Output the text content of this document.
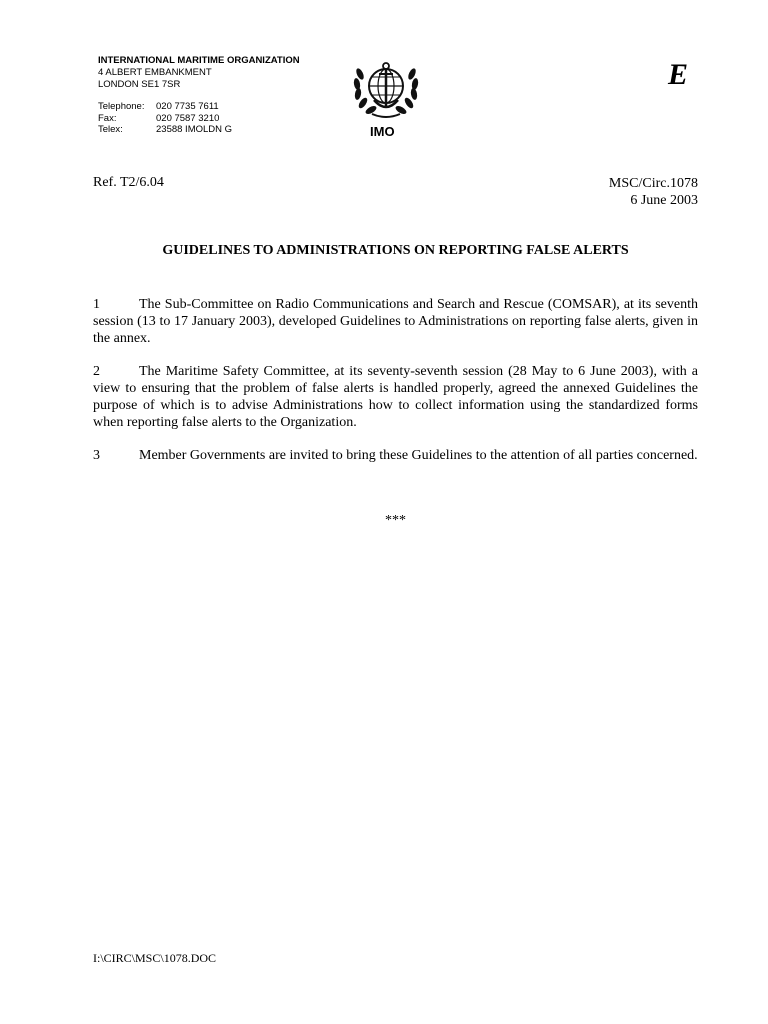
INTERNATIONAL MARITIME ORGANIZATION
4 ALBERT EMBANKMENT
LONDON SE1 7SR
Telephone:	020 7735 7611
Fax:	020 7587 3210
Telex:	23588 IMOLDN G	IMO
E
Ref. T2/6.04	MSC/Circ.1078
6 June 2003
GUIDELINES TO ADMINISTRATIONS ON REPORTING FALSE ALERTS
1	The Sub-Committee on Radio Communications and Search and Rescue (COMSAR), at its seventh session (13 to 17 January 2003), developed Guidelines to Administrations on reporting false alerts, given in the annex.
2	The Maritime Safety Committee, at its seventy-seventh session (28 May to 6 June 2003), with a view to ensuring that the problem of false alerts is handled properly, agreed the annexed Guidelines the purpose of which is to advise Administrations how to collect information using the standardized forms when reporting false alerts to the Organization.
3	Member Governments are invited to bring these Guidelines to the attention of all parties concerned.
***
I:\CIRC\MSC\1078.DOC
